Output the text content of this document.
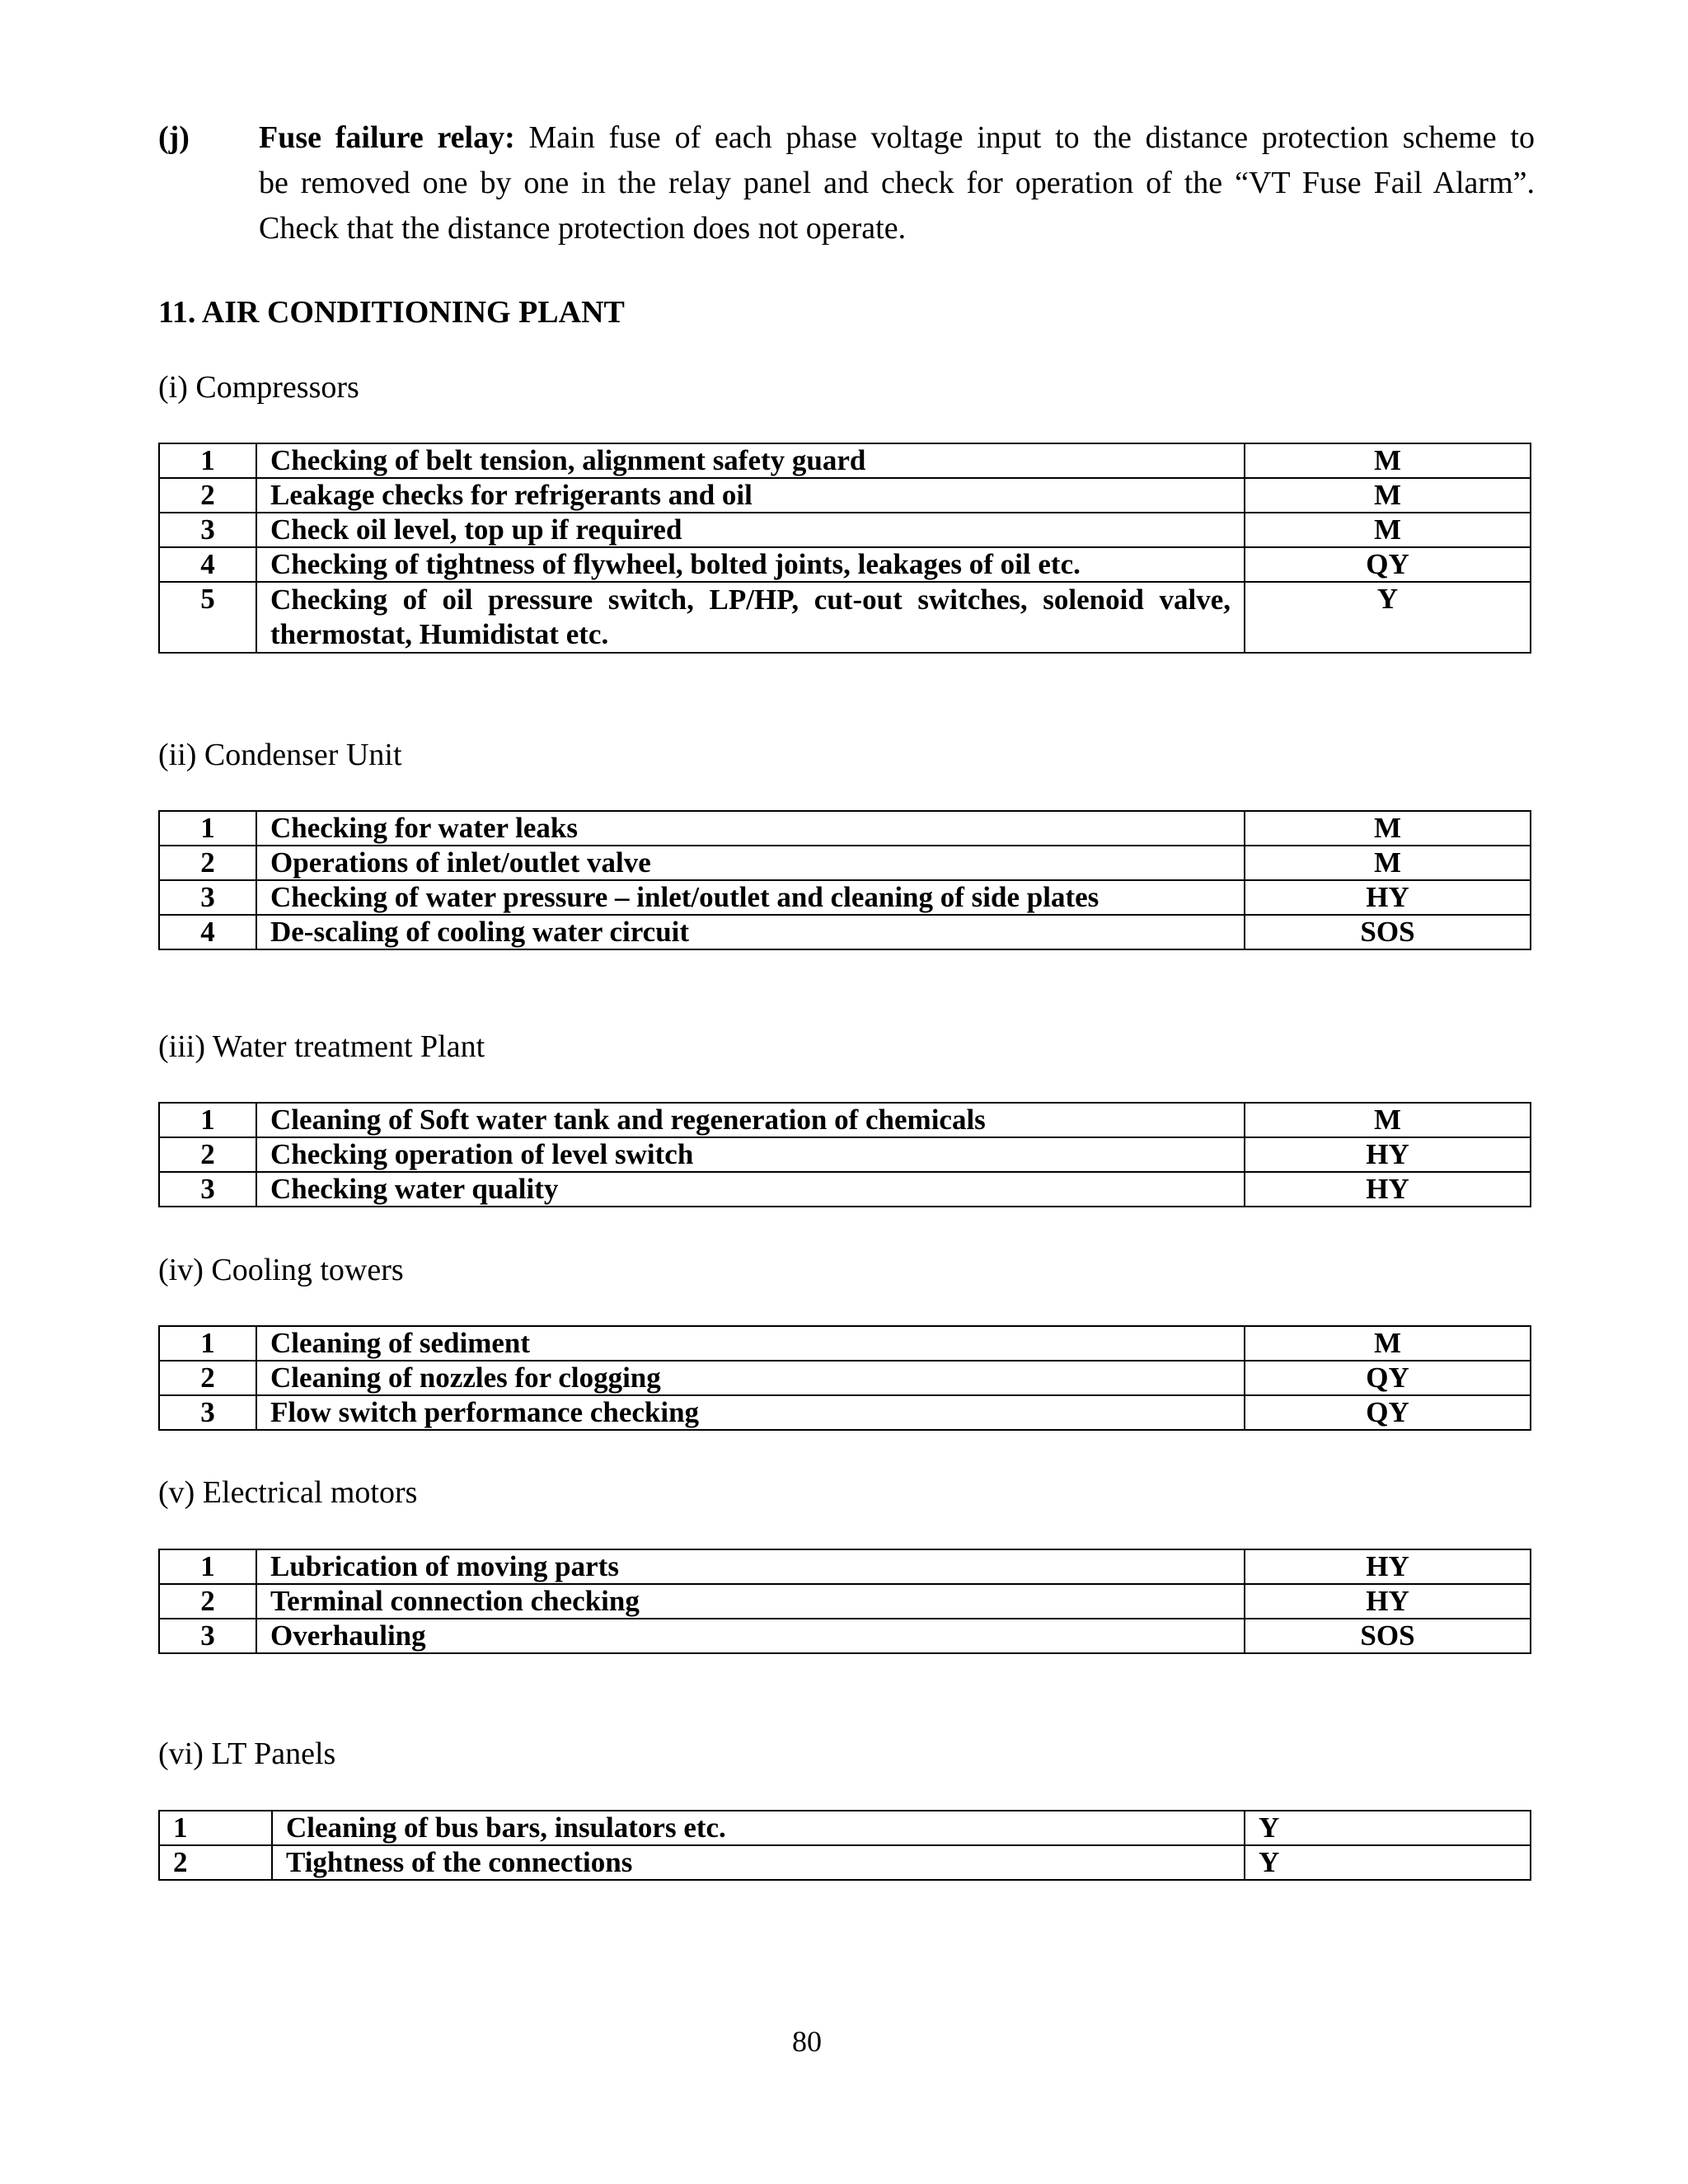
(j) Fuse failure relay: Main fuse of each phase voltage input to the distance protection scheme to
be removed one by one in the relay panel and check for operation of the “VT Fuse Fail Alarm”.
Check that the distance protection does not operate.
11. AIR CONDITIONING PLANT
(i) Compressors
1	Checking of belt tension, alignment safety guard	M
2	Leakage checks for refrigerants and oil	M
3	Check oil level, top up if required	M
4	Checking of tightness of flywheel, bolted joints, leakages of oil etc.	QY
5	Checking of oil pressure switch, LP/HP, cut-out switches, solenoid valve, thermostat, Humidistat etc.	Y
(ii) Condenser Unit
1	Checking for water leaks	M
2	Operations of inlet/outlet valve	M
3	Checking of water pressure – inlet/outlet and cleaning of side plates	HY
4	De-scaling of cooling water circuit	SOS
(iii) Water treatment Plant
1	Cleaning of Soft water tank and regeneration of chemicals	M
2	Checking operation of level switch	HY
3	Checking water quality	HY
(iv) Cooling towers
1	Cleaning of sediment	M
2	Cleaning of nozzles for clogging	QY
3	Flow switch performance checking	QY
(v) Electrical motors
1	Lubrication of moving parts	HY
2	Terminal connection checking	HY
3	Overhauling	SOS
(vi) LT Panels
1	Cleaning of bus bars, insulators etc.	Y
2	Tightness of the connections	Y
80
